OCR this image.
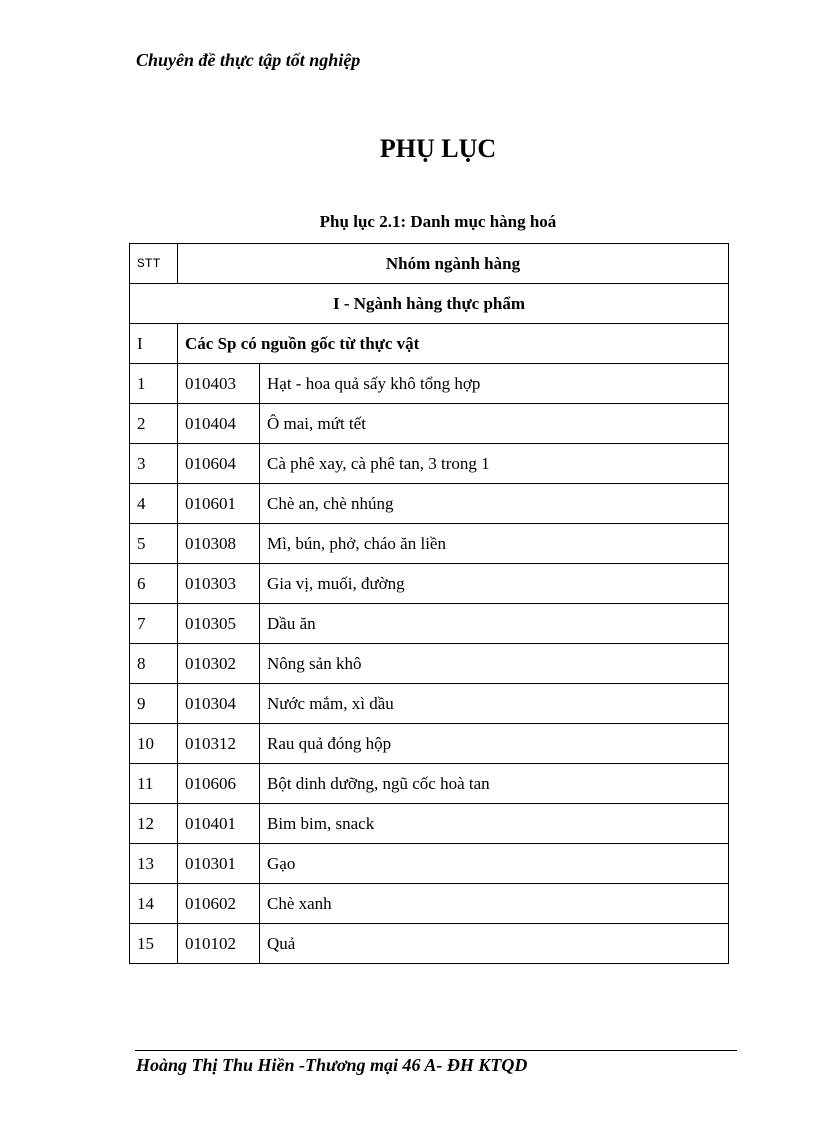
Chuyên đề thực tập tốt nghiệp

PHỤ LỤC

Phụ lục 2.1: Danh mục hàng hoá

STT	Nhóm ngành hàng	
I - Ngành hàng thực phẩm		
I	Các Sp có nguồn gốc từ thực vật	
1	010403	Hạt - hoa quả sấy khô tổng hợp
2	010404	Ô mai, mứt tết
3	010604	Cà phê xay, cà phê tan, 3 trong 1
4	010601	Chè an, chè nhúng
5	010308	Mì, bún, phở, cháo ăn liền
6	010303	Gia vị, muối, đường
7	010305	Dầu ăn
8	010302	Nông sản khô
9	010304	Nước mắm, xì dầu
10	010312	Rau quả đóng hộp
11	010606	Bột dinh dưỡng, ngũ cốc hoà tan
12	010401	Bim bim, snack
13	010301	Gạo
14	010602	Chè xanh
15	010102	Quả

Hoàng Thị Thu Hiền -Thương mại 46 A- ĐH KTQD
